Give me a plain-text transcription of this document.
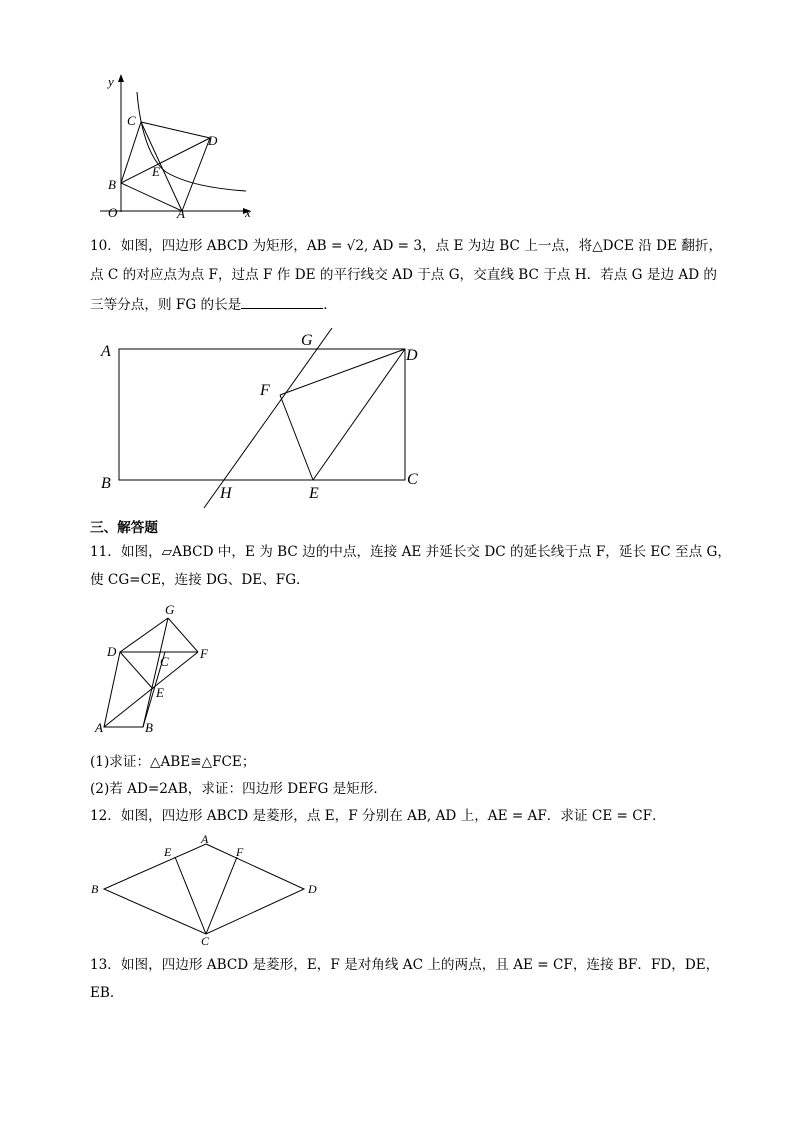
y
x
O	A
B
C
D
E
10．如图，四边形 ABCD 为矩形，AB = √2, AD = 3，点 E 为边 BC 上一点，将△DCE 沿 DE 翻折，
点 C 的对应点为点 F，过点 F 作 DE 的平行线交 AD 于点 G，交直线 BC 于点 H．若点 G 是边 AD 的
三等分点，则 FG 的长是	．
A
B	C
D
E
F
G
H
三、解答题
11．如图，▱ABCD 中，E 为 BC 边的中点，连接 AE 并延长交 DC 的延长线于点 F，延长 EC 至点 G，
使 CG=CE，连接 DG、DE、FG．
G
D
C
F
E
A	B
(1)求证：△ABE≌△FCE；
(2)若 AD=2AB，求证：四边形 DEFG 是矩形．
12．如图，四边形 ABCD 是菱形，点 E，F 分别在 AB, AD 上，AE = AF．求证 CE = CF．
A
B
C
D
E	F
13．如图，四边形 ABCD 是菱形，E，F 是对角线 AC 上的两点，且 AE = CF，连接 BF．FD，DE，
EB．
